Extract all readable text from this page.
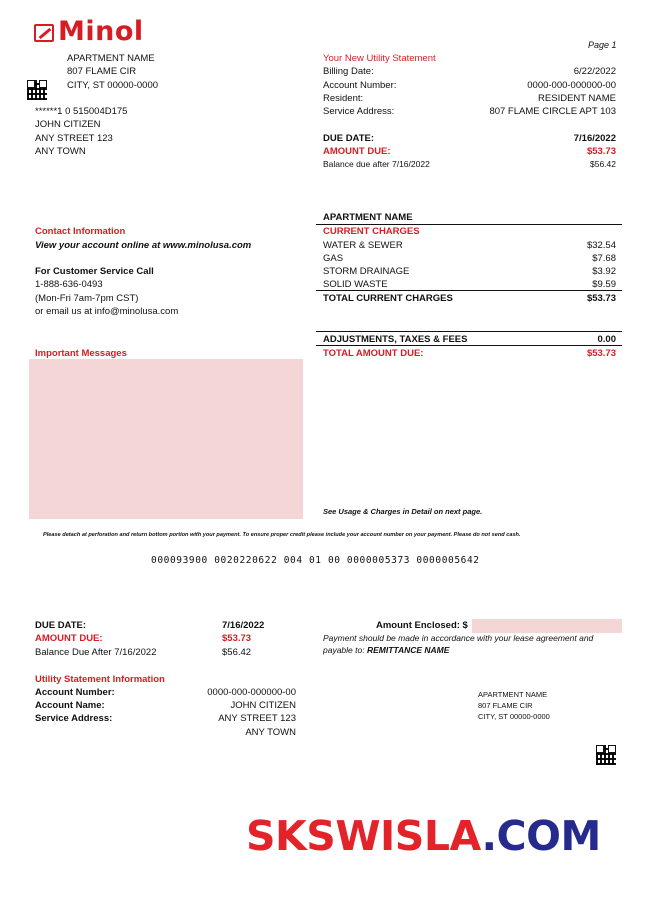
Minol	Page 1
APARTMENT NAME
807 FLAME CIR
CITY, ST 00000-0000
******1 0 515004D175
JOHN CITIZEN
ANY STREET 123
ANY TOWN
Your New Utility Statement
Billing Date:	6/22/2022
Account Number:	0000-000-000000-00
Resident:	RESIDENT NAME
Service Address:	807 FLAME CIRCLE APT 103
DUE DATE:	7/16/2022
AMOUNT DUE:	$53.73
Balance due after 7/16/2022	$56.42
Contact Information
View your account online at www.minolusa.com
For Customer Service Call
1-888-636-0493
(Mon-Fri 7am-7pm CST)
or email us at info@minolusa.com
APARTMENT NAME
CURRENT CHARGES
WATER & SEWER	$32.54
GAS	$7.68
STORM DRAINAGE	$3.92
SOLID WASTE	$9.59
TOTAL CURRENT CHARGES	$53.73
ADJUSTMENTS, TAXES & FEES	0.00
TOTAL AMOUNT DUE:	$53.73
Important Messages
See Usage & Charges in Detail on next page.
Please detach at perforation and return bottom portion with your payment. To ensure proper credit please include your account number on your payment. Please do not send cash.
000093900 0020220622 004 01 00 0000005373 0000005642
DUE DATE:	7/16/2022
AMOUNT DUE:	$53.73
Balance Due After 7/16/2022	$56.42
Amount Enclosed: $
Payment should be made in accordance with your lease agreement and
payable to: REMITTANCE NAME
Utility Statement Information
Account Number:	0000-000-000000-00
Account Name:	JOHN CITIZEN
Service Address:	ANY STREET 123
ANY TOWN
APARTMENT NAME
807 FLAME CIR
CITY, ST 00000-0000
SKSWISLA.COM
